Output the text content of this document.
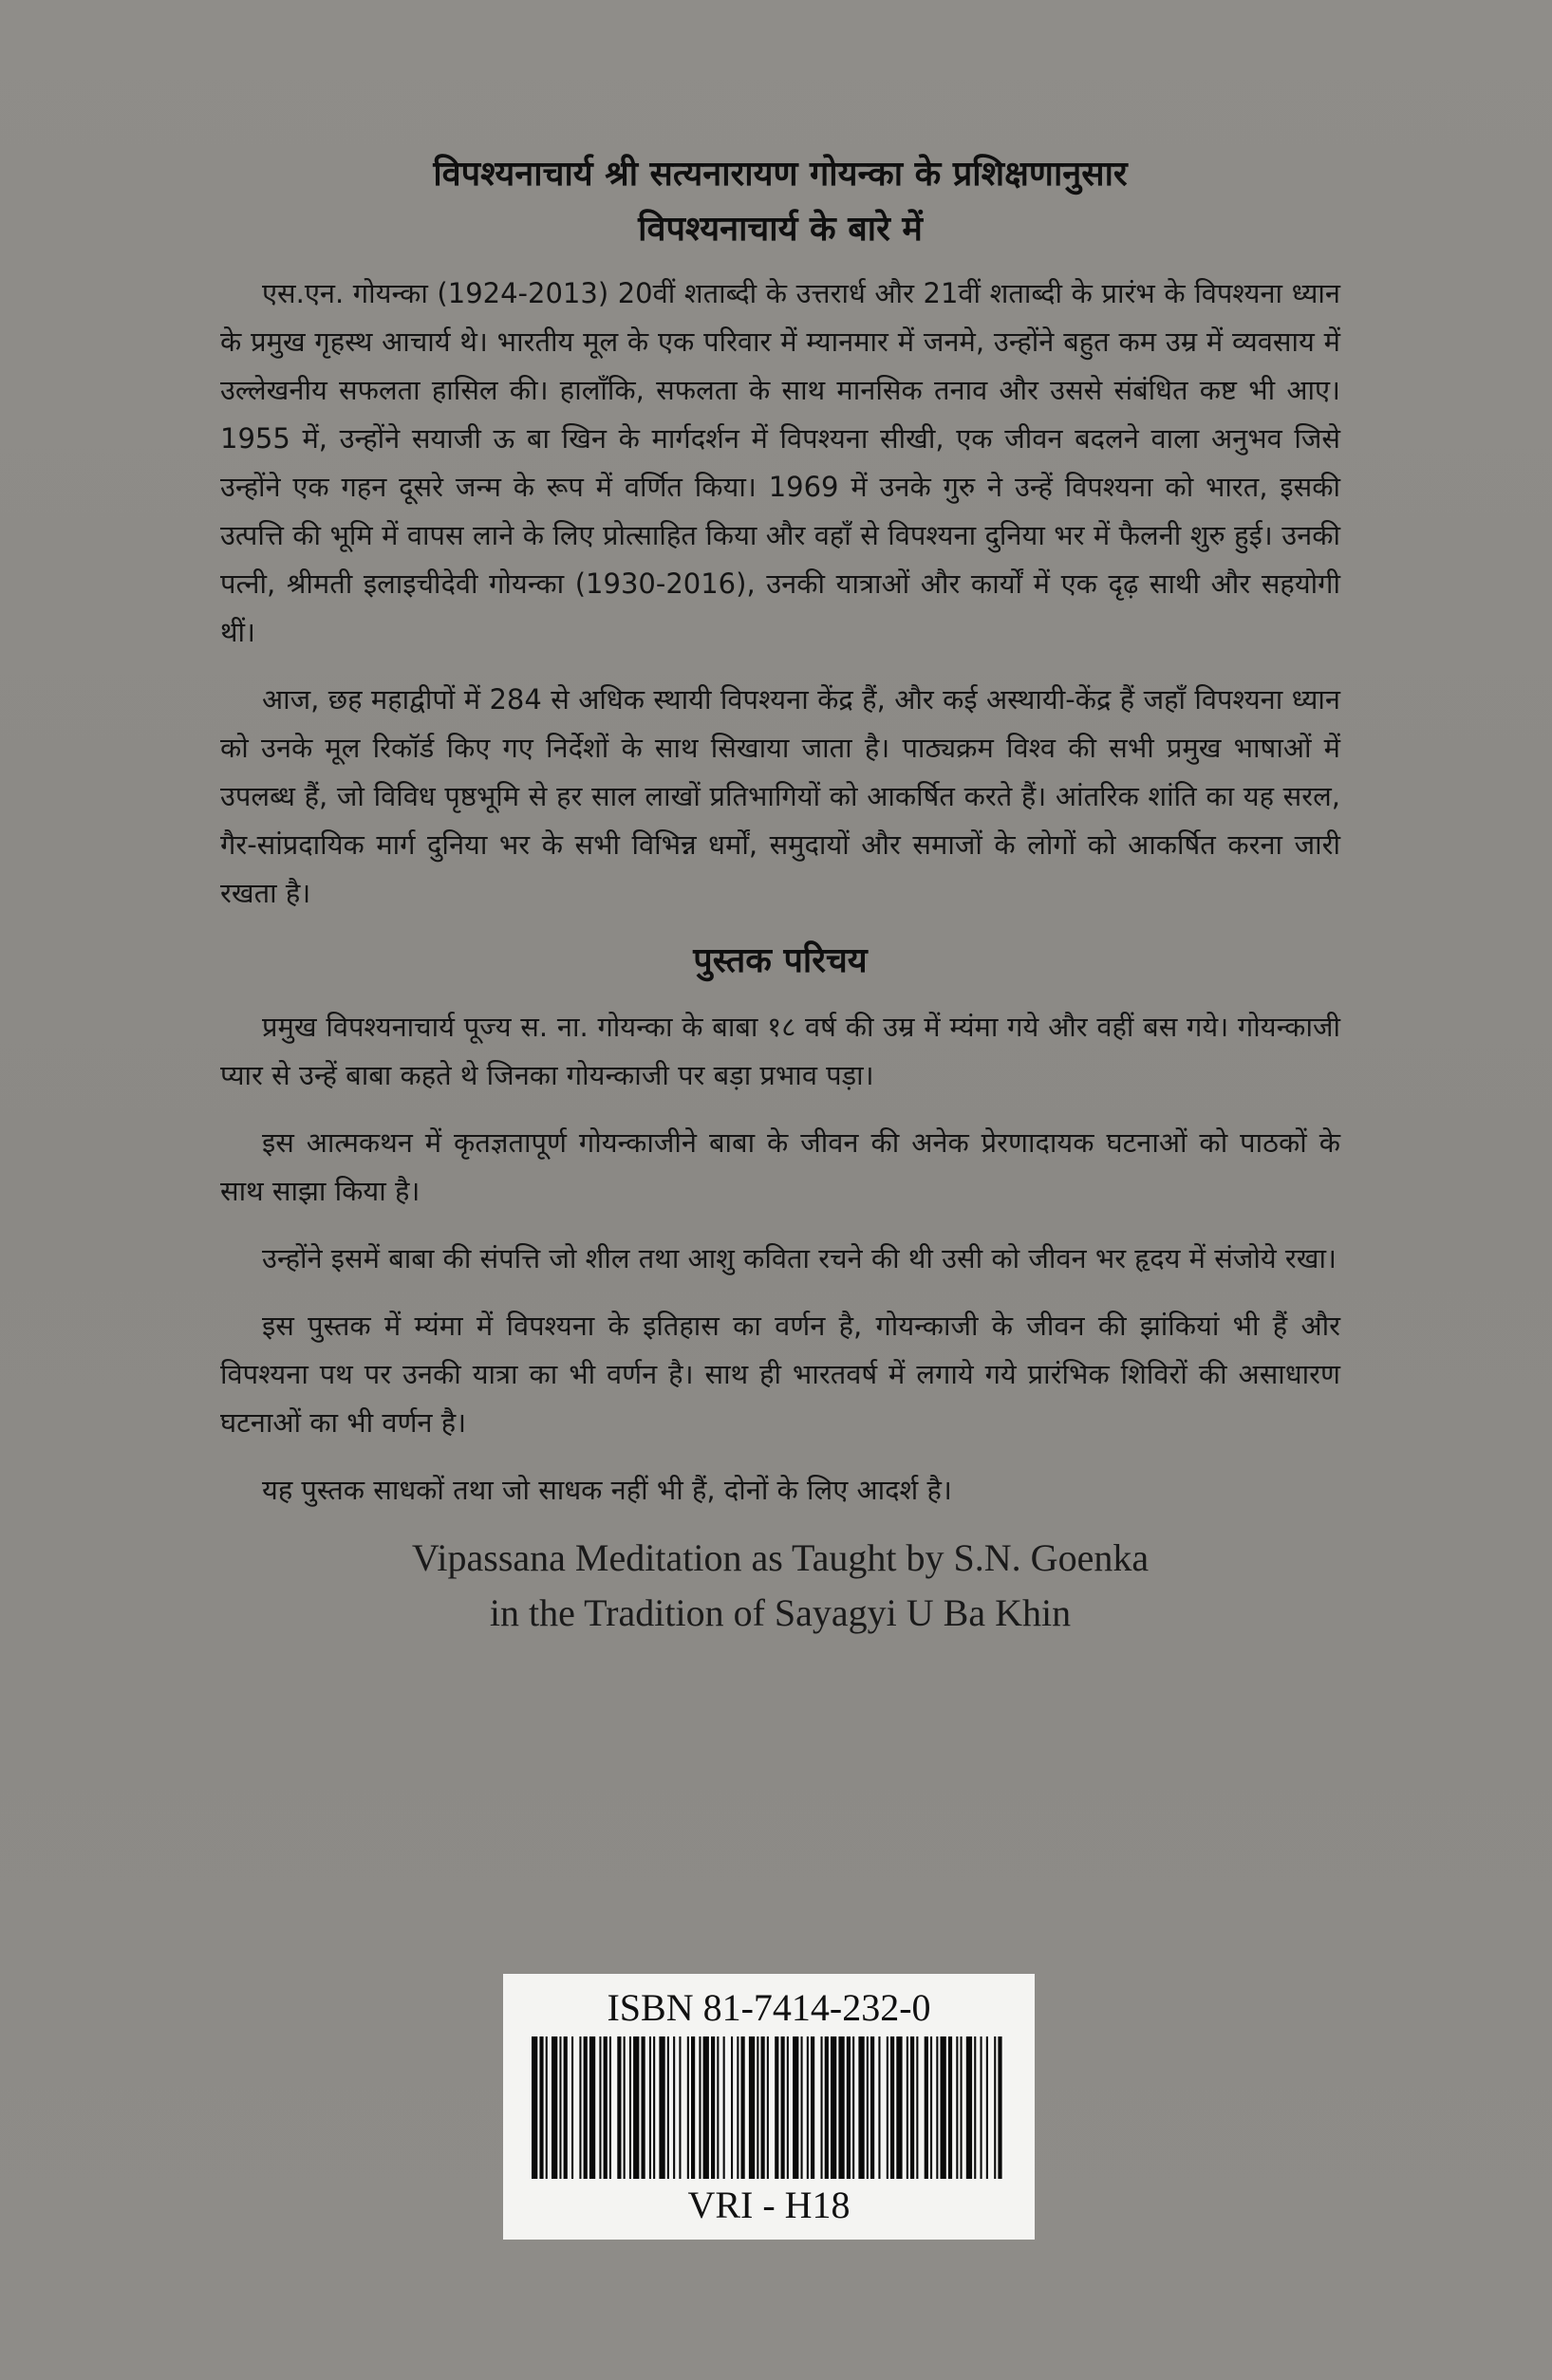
विपश्यनाचार्य श्री सत्यनारायण गोयन्का के प्रशिक्षणानुसार
विपश्यनाचार्य के बारे में

एस.एन. गोयन्का (1924-2013) 20वीं शताब्दी के उत्तरार्ध और 21वीं शताब्दी के प्रारंभ के विपश्यना ध्यान के प्रमुख गृहस्थ आचार्य थे। भारतीय मूल के एक परिवार में म्यानमार में जनमे, उन्होंने बहुत कम उम्र में व्यवसाय में उल्लेखनीय सफलता हासिल की। हालाँकि, सफलता के साथ मानसिक तनाव और उससे संबंधित कष्ट भी आए। 1955 में, उन्होंने सयाजी ऊ बा खिन के मार्गदर्शन में विपश्यना सीखी, एक जीवन बदलने वाला अनुभव जिसे उन्होंने एक गहन दूसरे जन्म के रूप में वर्णित किया। 1969 में उनके गुरु ने उन्हें विपश्यना को भारत, इसकी उत्पत्ति की भूमि में वापस लाने के लिए प्रोत्साहित किया और वहाँ से विपश्यना दुनिया भर में फैलनी शुरु हुई। उनकी पत्नी, श्रीमती इलाइचीदेवी गोयन्का (1930-2016), उनकी यात्राओं और कार्यों में एक दृढ़ साथी और सहयोगी थीं।

आज, छह महाद्वीपों में 284 से अधिक स्थायी विपश्यना केंद्र हैं, और कई अस्थायी-केंद्र हैं जहाँ विपश्यना ध्यान को उनके मूल रिकॉर्ड किए गए निर्देशों के साथ सिखाया जाता है। पाठ्यक्रम विश्व की सभी प्रमुख भाषाओं में उपलब्ध हैं, जो विविध पृष्ठभूमि से हर साल लाखों प्रतिभागियों को आकर्षित करते हैं। आंतरिक शांति का यह सरल, गैर-सांप्रदायिक मार्ग दुनिया भर के सभी विभिन्न धर्मों, समुदायों और समाजों के लोगों को आकर्षित करना जारी रखता है।

पुस्तक परिचय

प्रमुख विपश्यनाचार्य पूज्य स. ना. गोयन्का के बाबा १८ वर्ष की उम्र में म्यंमा गये और वहीं बस गये। गोयन्काजी प्यार से उन्हें बाबा कहते थे जिनका गोयन्काजी पर बड़ा प्रभाव पड़ा।

इस आत्मकथन में कृतज्ञतापूर्ण गोयन्काजीने बाबा के जीवन की अनेक प्रेरणादायक घटनाओं को पाठकों के साथ साझा किया है।

उन्होंने इसमें बाबा की संपत्ति जो शील तथा आशु कविता रचने की थी उसी को जीवन भर हृदय में संजोये रखा।

इस पुस्तक में म्यंमा में विपश्यना के इतिहास का वर्णन है, गोयन्काजी के जीवन की झांकियां भी हैं और विपश्यना पथ पर उनकी यात्रा का भी वर्णन है। साथ ही भारतवर्ष में लगाये गये प्रारंभिक शिविरों की असाधारण घटनाओं का भी वर्णन है।

यह पुस्तक साधकों तथा जो साधक नहीं भी हैं, दोनों के लिए आदर्श है।

Vipassana Meditation as Taught by S.N. Goenka

in the Tradition of Sayagyi U Ba Khin

ISBN 81-7414-232-0
VRI - H18
